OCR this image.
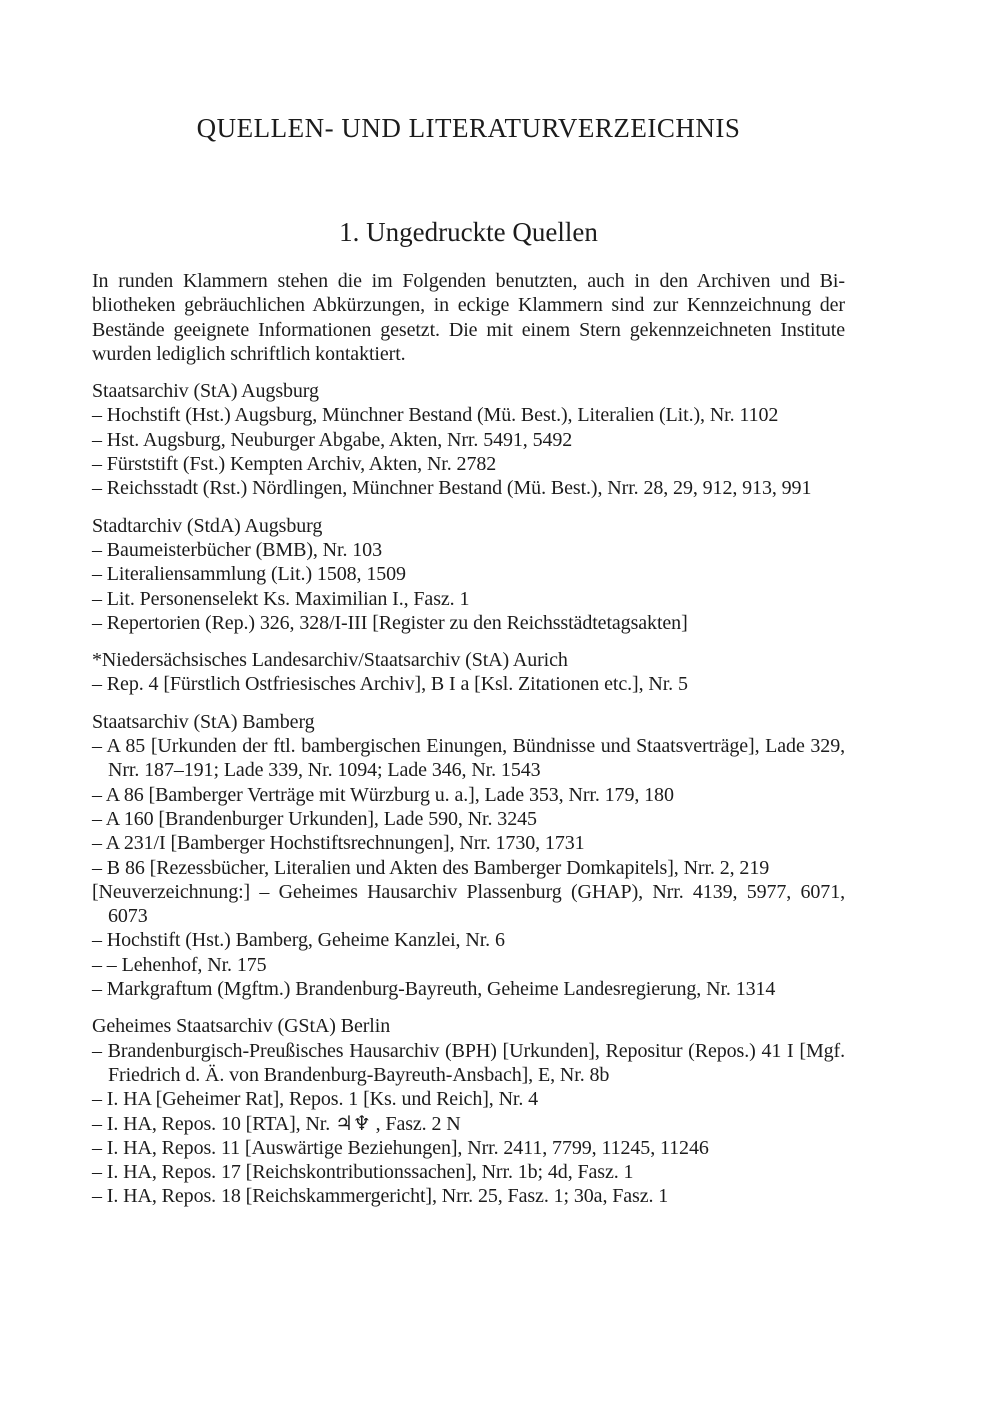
QUELLEN- UND LITERATURVERZEICHNIS
1. Ungedruckte Quellen

In runden Klammern stehen die im Folgenden benutzten, auch in den Archiven und Bibliotheken gebräuchlichen Abkürzungen, in eckige Klammern sind zur Kennzeichnung der Bestände geeignete Informationen gesetzt. Die mit einem Stern gekennzeichneten Institute wurden lediglich schriftlich kontaktiert.

Staatsarchiv (StA) Augsburg
– Hochstift (Hst.) Augsburg, Münchner Bestand (Mü. Best.), Literalien (Lit.), Nr. 1102
– Hst. Augsburg, Neuburger Abgabe, Akten, Nrr. 5491, 5492
– Fürststift (Fst.) Kempten Archiv, Akten, Nr. 2782
– Reichsstadt (Rst.) Nördlingen, Münchner Bestand (Mü. Best.), Nrr. 28, 29, 912, 913, 991
Stadtarchiv (StdA) Augsburg
– Baumeisterbücher (BMB), Nr. 103
– Literaliensammlung (Lit.) 1508, 1509
– Lit. Personenselekt Ks. Maximilian I., Fasz. 1
– Repertorien (Rep.) 326, 328/I-III [Register zu den Reichsstädtetagsakten]
*Niedersächsisches Landesarchiv/Staatsarchiv (StA) Aurich
– Rep. 4 [Fürstlich Ostfriesisches Archiv], B I a [Ksl. Zitationen etc.], Nr. 5
Staatsarchiv (StA) Bamberg
– A 85 [Urkunden der ftl. bambergischen Einungen, Bündnisse und Staatsverträge], Lade 329, Nrr. 187–191; Lade 339, Nr. 1094; Lade 346, Nr. 1543
– A 86 [Bamberger Verträge mit Würzburg u. a.], Lade 353, Nrr. 179, 180
– A 160 [Brandenburger Urkunden], Lade 590, Nr. 3245
– A 231/I [Bamberger Hochstiftsrechnungen], Nrr. 1730, 1731
– B 86 [Rezessbücher, Literalien und Akten des Bamberger Domkapitels], Nrr. 2, 219
[Neuverzeichnung:] – Geheimes Hausarchiv Plassenburg (GHAP), Nrr. 4139, 5977, 6071, 6073
– Hochstift (Hst.) Bamberg, Geheime Kanzlei, Nr. 6
– – Lehenhof, Nr. 175
– Markgraftum (Mgftm.) Brandenburg-Bayreuth, Geheime Landesregierung, Nr. 1314
Geheimes Staatsarchiv (GStA) Berlin
– Brandenburgisch-Preußisches Hausarchiv (BPH) [Urkunden], Repositur (Repos.) 41 I [Mgf. Friedrich d. Ä. von Brandenburg-Bayreuth-Ansbach], E, Nr. 8b
– I. HA [Geheimer Rat], Repos. 1 [Ks. und Reich], Nr. 4
– I. HA, Repos. 10 [RTA], Nr. ♃♆ , Fasz. 2 N
– I. HA, Repos. 11 [Auswärtige Beziehungen], Nrr. 2411, 7799, 11245, 11246
– I. HA, Repos. 17 [Reichskontributionssachen], Nrr. 1b; 4d, Fasz. 1
– I. HA, Repos. 18 [Reichskammergericht], Nrr. 25, Fasz. 1; 30a, Fasz. 1
